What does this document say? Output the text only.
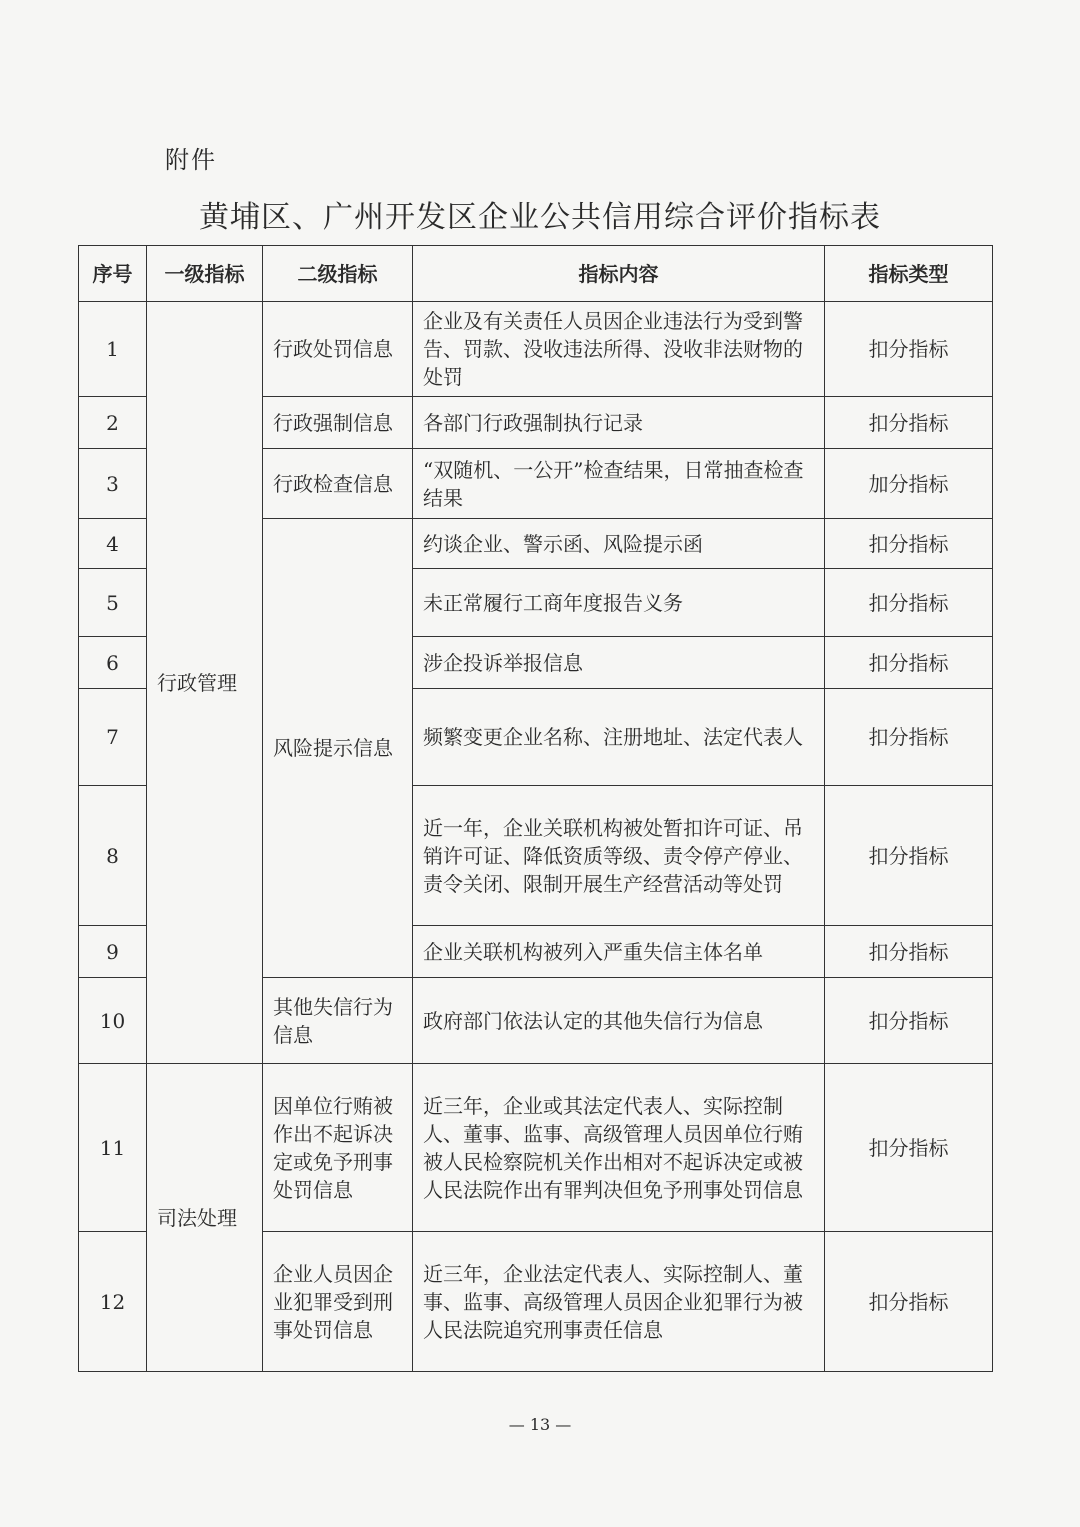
附件
黄埔区、广州开发区企业公共信用综合评价指标表
序号	一级指标	二级指标	指标内容	指标类型
1	行政管理	行政处罚信息	企业及有关责任人员因企业违法行为受到警告、罚款、没收违法所得、没收非法财物的处罚	扣分指标
2		行政强制信息	各部门行政强制执行记录	扣分指标
3		行政检查信息	“双随机、一公开”检查结果，日常抽查检查结果	加分指标
4		风险提示信息	约谈企业、警示函、风险提示函	扣分指标
5			未正常履行工商年度报告义务	扣分指标
6			涉企投诉举报信息	扣分指标
7			频繁变更企业名称、注册地址、法定代表人	扣分指标
8			近一年，企业关联机构被处暂扣许可证、吊销许可证、降低资质等级、责令停产停业、责令关闭、限制开展生产经营活动等处罚	扣分指标
9			企业关联机构被列入严重失信主体名单	扣分指标
10		其他失信行为信息	政府部门依法认定的其他失信行为信息	扣分指标
11	司法处理	因单位行贿被作出不起诉决定或免予刑事处罚信息	近三年，企业或其法定代表人、实际控制人、董事、监事、高级管理人员因单位行贿被人民检察院机关作出相对不起诉决定或被人民法院作出有罪判决但免予刑事处罚信息	扣分指标
12		企业人员因企业犯罪受到刑事处罚信息	近三年，企业法定代表人、实际控制人、董事、监事、高级管理人员因企业犯罪行为被人民法院追究刑事责任信息	扣分指标
— 13 —
